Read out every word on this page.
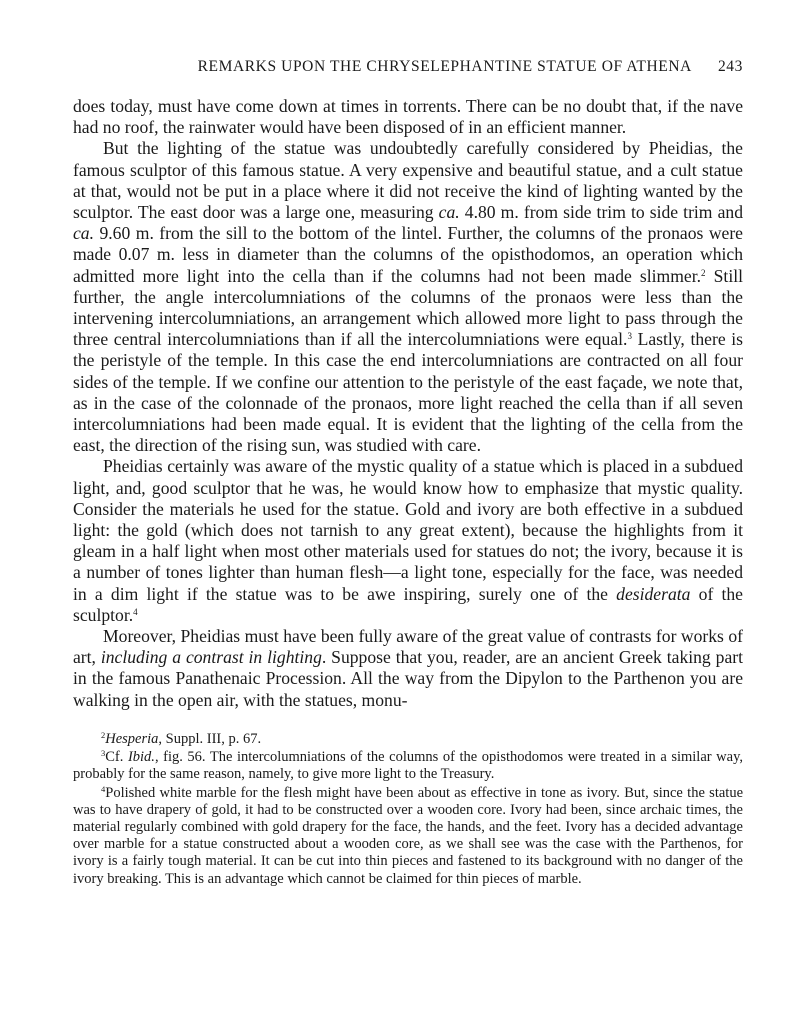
REMARKS UPON THE CHRYSELEPHANTINE STATUE OF ATHENA 243

does today, must have come down at times in torrents. There can be no doubt that, if the nave had no roof, the rainwater would have been disposed of in an efficient manner.

But the lighting of the statue was undoubtedly carefully considered by Pheidias, the famous sculptor of this famous statue. A very expensive and beautiful statue, and a cult statue at that, would not be put in a place where it did not receive the kind of lighting wanted by the sculptor. The east door was a large one, measuring ca. 4.80 m. from side trim to side trim and ca. 9.60 m. from the sill to the bottom of the lintel. Further, the columns of the pronaos were made 0.07 m. less in diameter than the columns of the opisthodomos, an operation which admitted more light into the cella than if the columns had not been made slimmer.$^2$ Still further, the angle intercolumniations of the columns of the pronaos were less than the intervening intercolumniations, an arrangement which allowed more light to pass through the three central intercolumniations than if all the intercolumniations were equal.$^3$ Lastly, there is the peristyle of the temple. In this case the end intercolumniations are contracted on all four sides of the temple. If we confine our attention to the peristyle of the east façade, we note that, as in the case of the colonnade of the pronaos, more light reached the cella than if all seven intercolumniations had been made equal. It is evident that the lighting of the cella from the east, the direction of the rising sun, was studied with care.

Pheidias certainly was aware of the mystic quality of a statue which is placed in a subdued light, and, good sculptor that he was, he would know how to emphasize that mystic quality. Consider the materials he used for the statue. Gold and ivory are both effective in a subdued light: the gold (which does not tarnish to any great extent), because the highlights from it gleam in a half light when most other materials used for statues do not; the ivory, because it is a number of tones lighter than human flesh—a light tone, especially for the face, was needed in a dim light if the statue was to be awe inspiring, surely one of the desiderata of the sculptor.$^4$

Moreover, Pheidias must have been fully aware of the great value of contrasts for works of art, including a contrast in lighting. Suppose that you, reader, are an ancient Greek taking part in the famous Panathenaic Procession. All the way from the Dipylon to the Parthenon you are walking in the open air, with the statues, monu-

$^2$Hesperia, Suppl. III, p. 67.

$^3$Cf. Ibid., fig. 56. The intercolumniations of the columns of the opisthodomos were treated in a similar way, probably for the same reason, namely, to give more light to the Treasury.

$^4$Polished white marble for the flesh might have been about as effective in tone as ivory. But, since the statue was to have drapery of gold, it had to be constructed over a wooden core. Ivory had been, since archaic times, the material regularly combined with gold drapery for the face, the hands, and the feet. Ivory has a decided advantage over marble for a statue constructed about a wooden core, as we shall see was the case with the Parthenos, for ivory is a fairly tough material. It can be cut into thin pieces and fastened to its background with no danger of the ivory breaking. This is an advantage which cannot be claimed for thin pieces of marble.
